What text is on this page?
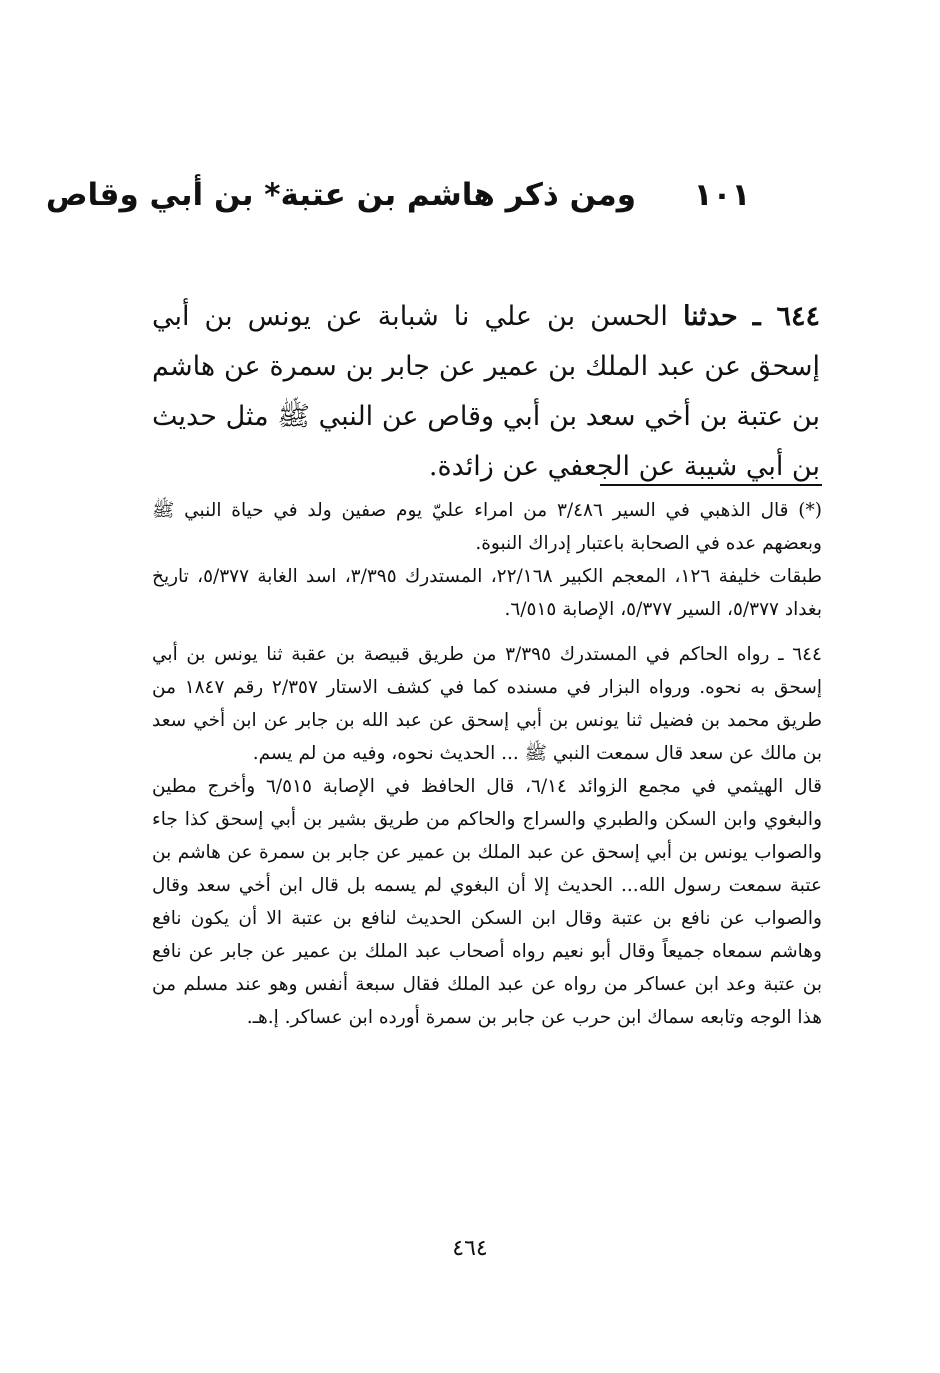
١٠١ومن ذكر هاشم بن عتبة* بن أبي وقاص

٦٤٤ ـ حدثنا الحسن بن علي نا شبابة عن يونس بن أبي إسحق عن عبد الملك بن عمير عن جابر بن سمرة عن هاشم بن عتبة بن أخي سعد بن أبي وقاص عن النبي ﷺ مثل حديث بن أبي شيبة عن الجعفي عن زائدة.

(*) قال الذهبي في السير ٣/٤٨٦ من امراء عليّ يوم صفين ولد في حياة النبي ﷺ وبعضهم عده في الصحابة باعتبار إدراك النبوة.

طبقات خليفة ١٢٦، المعجم الكبير ٢٢/١٦٨، المستدرك ٣/٣٩٥، اسد الغابة ٥/٣٧٧، تاريخ بغداد ٥/٣٧٧، السير ٥/٣٧٧، الإصابة ٦/٥١٥.

٦٤٤ ـ رواه الحاكم في المستدرك ٣/٣٩٥ من طريق قبيصة بن عقبة ثنا يونس بن أبي إسحق به نحوه. ورواه البزار في مسنده كما في كشف الاستار ٢/٣٥٧ رقم ١٨٤٧ من طريق محمد بن فضيل ثنا يونس بن أبي إسحق عن عبد الله بن جابر عن ابن أخي سعد بن مالك عن سعد قال سمعت النبي ﷺ ... الحديث نحوه، وفيه من لم يسم.

قال الهيثمي في مجمع الزوائد ٦/١٤، قال الحافظ في الإصابة ٦/٥١٥ وأخرج مطين والبغوي وابن السكن والطبري والسراج والحاكم من طريق بشير بن أبي إسحق كذا جاء والصواب يونس بن أبي إسحق عن عبد الملك بن عمير عن جابر بن سمرة عن هاشم بن عتبة سمعت رسول الله... الحديث إلا أن البغوي لم يسمه بل قال ابن أخي سعد وقال والصواب عن نافع بن عتبة وقال ابن السكن الحديث لنافع بن عتبة الا أن يكون نافع وهاشم سمعاه جميعاً وقال أبو نعيم رواه أصحاب عبد الملك بن عمير عن جابر عن نافع بن عتبة وعد ابن عساكر من رواه عن عبد الملك فقال سبعة أنفس وهو عند مسلم من هذا الوجه وتابعه سماك ابن حرب عن جابر بن سمرة أورده ابن عساكر. إ.هـ.

٤٦٤
